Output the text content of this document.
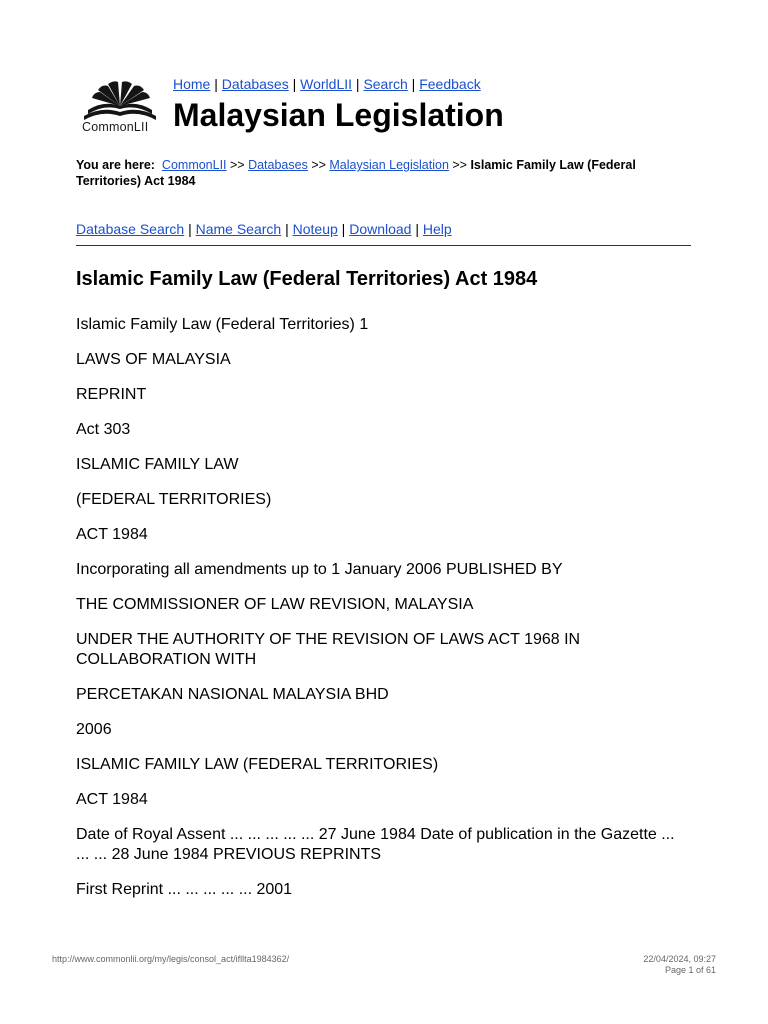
CommonLII
Home | Databases | WorldLII | Search | Feedback
Malaysian Legislation
You are here: CommonLII >> Databases >> Malaysian Legislation >> Islamic Family Law (Federal Territories) Act 1984
Database Search | Name Search | Noteup | Download | Help
Islamic Family Law (Federal Territories) Act 1984

Islamic Family Law (Federal Territories) 1

LAWS OF MALAYSIA

REPRINT

Act 303

ISLAMIC FAMILY LAW

(FEDERAL TERRITORIES)

ACT 1984

Incorporating all amendments up to 1 January 2006 PUBLISHED BY

THE COMMISSIONER OF LAW REVISION, MALAYSIA

UNDER THE AUTHORITY OF THE REVISION OF LAWS ACT 1968 IN COLLABORATION WITH

PERCETAKAN NASIONAL MALAYSIA BHD

2006

ISLAMIC FAMILY LAW (FEDERAL TERRITORIES)

ACT 1984

Date of Royal Assent ... ... ... ... ... 27 June 1984 Date of publication in the Gazette ... ... ... 28 June 1984 PREVIOUS REPRINTS

First Reprint ... ... ... ... ... 2001

http://www.commonlii.org/my/legis/consol_act/ifllta1984362/	22/04/2024, 09:27
Page 1 of 61
